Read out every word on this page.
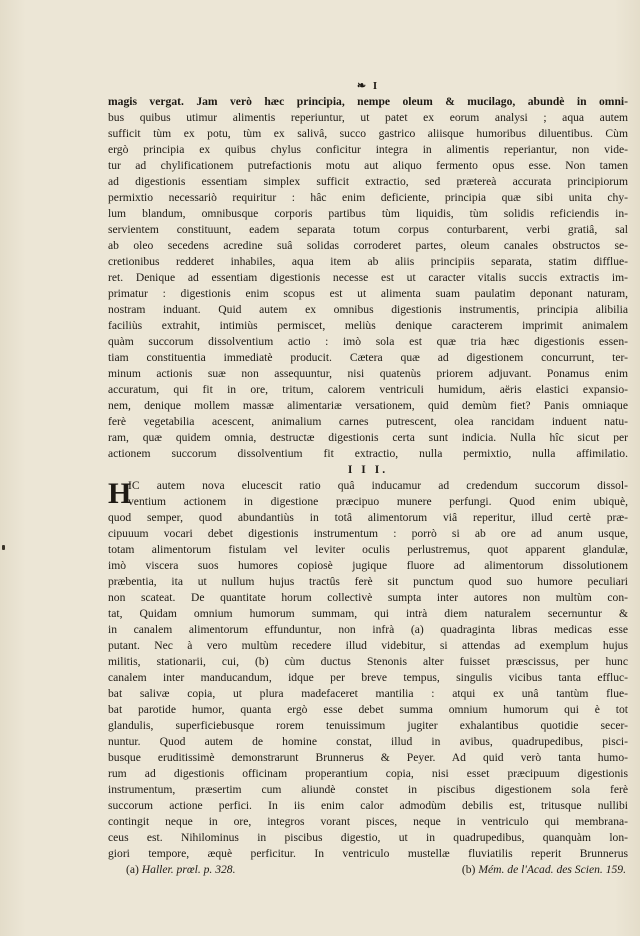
❧ I
magis vergat. Jam verò hæc principia, nempe oleum & mucilago, abundè in omni-
bus quibus utimur alimentis reperiuntur, ut patet ex eorum analysi ; aqua autem
sufficit tùm ex potu, tùm ex salivâ, succo gastrico aliisque humoribus diluentibus. Cùm
ergò principia ex quibus chylus conficitur integra in alimentis reperiantur, non vide-
tur ad chylificationem putrefactionis motu aut aliquo fermento opus esse. Non tamen
ad digestionis essentiam simplex sufficit extractio, sed prætereà accurata principiorum
permixtio necessariò requiritur : hâc enim deficiente, principia quæ sibi unita chy-
lum blandum, omnibusque corporis partibus tùm liquidis, tùm solidis reficiendis in-
servientem constituunt, eadem separata totum corpus conturbarent, verbi gratiâ, sal
ab oleo secedens acredine suâ solidas corroderet partes, oleum canales obstructos se-
cretionibus redderet inhabiles, aqua item ab aliis principiis separata, statim difflue-
ret. Denique ad essentiam digestionis necesse est ut caracter vitalis succis extractis im-
primatur : digestionis enim scopus est ut alimenta suam paulatim deponant naturam,
nostram induant. Quid autem ex omnibus digestionis instrumentis, principia alibilia
faciliùs extrahit, intimiùs permiscet, meliùs denique caracterem imprimit animalem
quàm succorum dissolventium actio : imò sola est quæ tria hæc digestionis essen-
tiam constituentia immediatè producit. Cætera quæ ad digestionem concurrunt, ter-
minum actionis suæ non assequuntur, nisi quatenùs priorem adjuvant. Ponamus enim
accuratum, qui fit in ore, tritum, calorem ventriculi humidum, aëris elastici expansio-
nem, denique mollem massæ alimentariæ versationem, quid demùm fiet? Panis omniaque
ferè vegetabilia acescent, animalium carnes putrescent, olea rancidam induent natu-
ram, quæ quidem omnia, destructæ digestionis certa sunt indicia. Nulla hîc sicut per
actionem succorum dissolventium fit extractio, nulla permixtio, nulla affimilatio.
I I I.
H
IC autem nova elucescit ratio quâ inducamur ad credendum succorum dissol-
ventium actionem in digestione præcipuo munere perfungi. Quod enim ubiquè,
quod semper, quod abundantiùs in totâ alimentorum viâ reperitur, illud certè præ-
cipuuum vocari debet digestionis instrumentum : porrò si ab ore ad anum usque,
totam alimentorum fistulam vel leviter oculis perlustremus, quot apparent glandulæ,
imò viscera suos humores copiosè jugique fluore ad alimentorum dissolutionem
præbentia, ita ut nullum hujus tractûs ferè sit punctum quod suo humore peculiari
non scateat. De quantitate horum collectivè sumpta inter autores non multùm con-
tat, Quidam omnium humorum summam, qui intrà diem naturalem secernuntur &
in canalem alimentorum effunduntur, non infrà (a) quadraginta libras medicas esse
putant. Nec à vero multùm recedere illud videbitur, si attendas ad exemplum hujus
militis, stationarii, cui, (b) cùm ductus Stenonis alter fuisset præscissus, per hunc
canalem inter manducandum, idque per breve tempus, singulis vicibus tanta effluc-
bat salivæ copia, ut plura madefaceret mantilia : atqui ex unâ tantùm flue-
bat parotide humor, quanta ergò esse debet summa omnium humorum qui è tot
glandulis, superficiebusque rorem tenuissimum jugiter exhalantibus quotidie secer-
nuntur. Quod autem de homine constat, illud in avibus, quadrupedibus, pisci-
busque eruditissimè demonstrarunt Brunnerus & Peyer. Ad quid verò tanta humo-
rum ad digestionis officinam properantium copia, nisi esset præcipuum digestionis
instrumentum, præsertim cum aliundè constet in piscibus digestionem sola ferè
succorum actione perfici. In iis enim calor admodùm debilis est, tritusque nullibi
contingit neque in ore, integros vorant pisces, neque in ventriculo qui membrana-
ceus est. Nihilominus in piscibus digestio, ut in quadrupedibus, quanquàm lon-
giori tempore, æquè perficitur. In ventriculo mustellæ fluviatilis reperit Brunnerus
(a) Haller. prœl. p. 328.	(b) Mém. de l'Acad. des Scien. 159.
